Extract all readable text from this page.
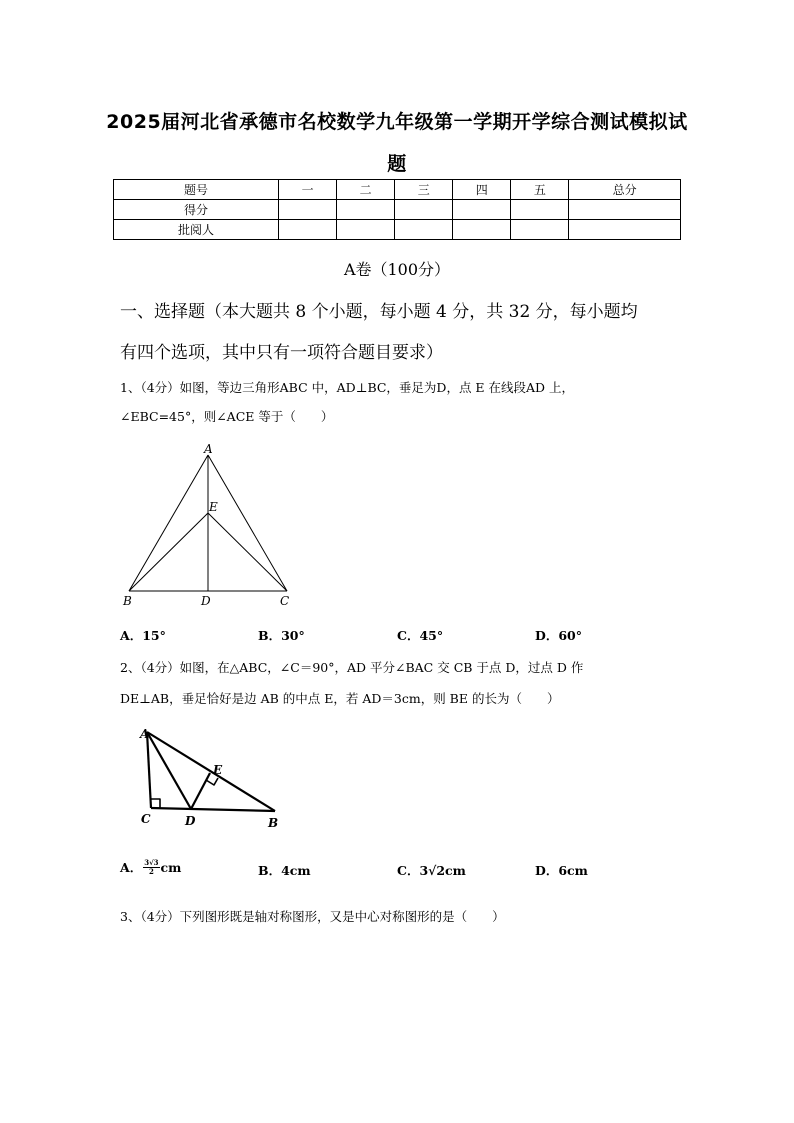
2025届河北省承德市名校数学九年级第一学期开学综合测试模拟试
题
题号	一	二	三	四	五	总分
得分						
批阅人						
A卷（100分）
一、选择题（本大题共 8 个小题，每小题 4 分，共 32 分，每小题均
有四个选项，其中只有一项符合题目要求）
1、（4分）如图，等边三角形ABC 中，AD⊥BC，垂足为D，点 E 在线段AD 上，
∠EBC=45°，则∠ACE 等于（　　）
A
E
B	D	C
A．15°	B．30°	C．45°	D．60°
2、（4分）如图，在△ABC，∠C＝90°，AD 平分∠BAC 交 CB 于点 D，过点 D 作
DE⊥AB，垂足恰好是边 AB 的中点 E，若 AD＝3cm，则 BE 的长为（　　）
A
E
C	D	B
A． $\frac{3√3}{2}$ cm	B．4cm	C．3√2cm	D．6cm
3、（4分）下列图形既是轴对称图形，又是中心对称图形的是（　　）
